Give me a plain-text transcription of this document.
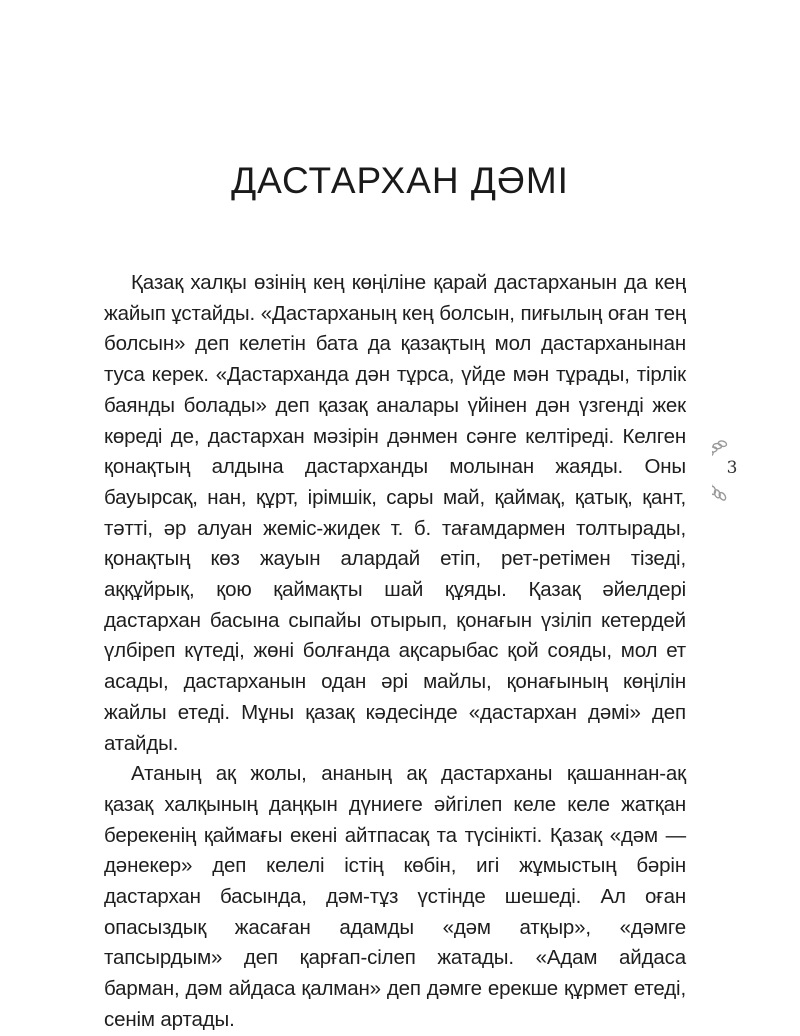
ДАСТАРХАН ДӘМІ

Қазақ халқы өзінің кең көңіліне қарай дастарханын да кең жайып ұстайды. «Дастарханың кең болсын, пиғылың оған тең болсын» деп келетін бата да қазақтың мол дастарханынан туса керек. «Дастарханда дән тұрса, үйде мән тұрады, тірлік баянды болады» деп қазақ аналары үйінен дән үзгенді жек көреді де, дастархан мәзірін дәнмен сәнге келтіреді. Келген қонақтың алдына дастарханды молынан жаяды. Оны бауырсақ, нан, құрт, ірімшік, сары май, қаймақ, қатық, қант, тәтті, әр алуан жеміс-жидек т. б. тағамдармен толтырады, қонақтың көз жауын алардай етіп, рет-ретімен тізеді, аққұйрық, қою қаймақты шай құяды. Қазақ әйелдері дастархан басына сыпайы отырып, қонағын үзіліп кетердей үлбіреп күтеді, жөні болғанда ақсарыбас қой сояды, мол ет асады, дастарханын одан әрі майлы, қонағының көңілін жайлы етеді. Мұны қазақ кәдесінде «дастархан дәмі» деп атайды.

Атаның ақ жолы, ананың ақ дастарханы қашаннан-ақ қазақ халқының даңқын дүниеге әйгілеп келе келе жатқан берекенің қаймағы екені айтпасақ та түсінікті. Қазақ «дәм — дәнекер» деп келелі істің көбін, игі жұмыстың бәрін дастархан басында, дәм-тұз үстінде шешеді. Ал оған опасыздық жасаған адамды «дәм атқыр», «дәмге тапсырдым» деп қарғап-сілеп жатады. «Адам айдаса барман, дәм айдаса қалман» деп дәмге ерекше құрмет етеді, сенім артады.

3
